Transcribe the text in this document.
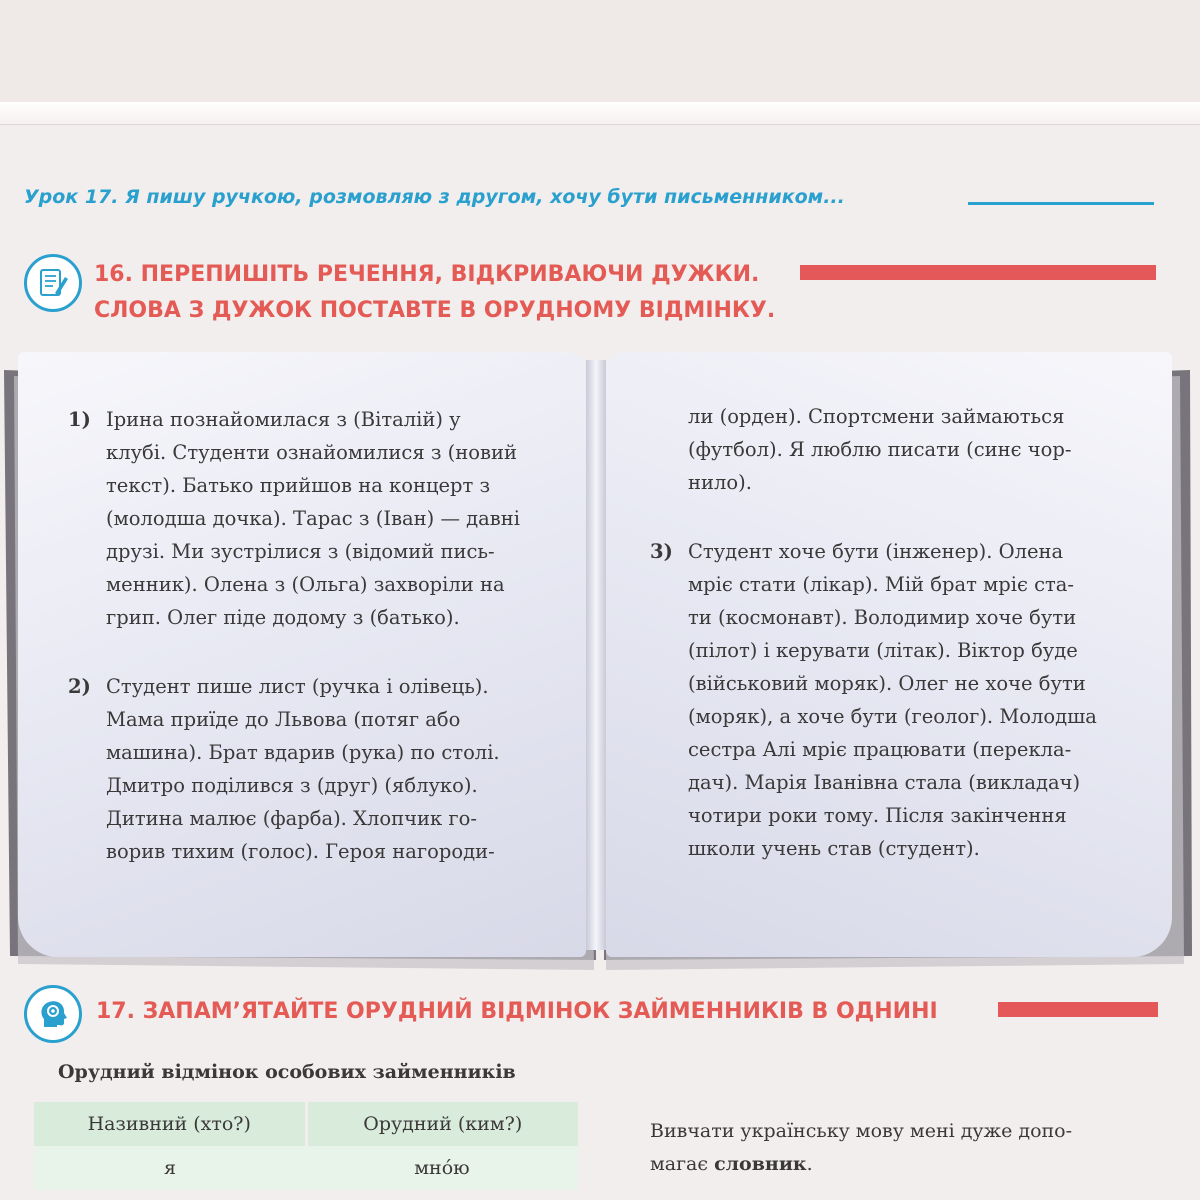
Урок 17. Я пишу ручкою, розмовляю з другом, хочу бути письменником...
16. ПЕРЕПИШІТЬ РЕЧЕННЯ, ВІДКРИВАЮЧИ ДУЖКИ.
СЛОВА З ДУЖОК ПОСТАВТЕ В ОРУДНОМУ ВІДМІНКУ.
1) Ірина познайомилася з (Віталій) у

клубі. Студенти ознайомилися з (новий

текст). Батько прийшов на концерт з

(молодша дочка). Тарас з (Іван) — давні

друзі. Ми зустрілися з (відомий пись-

менник). Олена з (Ольга) захворіли на

грип. Олег піде додому з (батько).

2) Студент пише лист (ручка і олівець).

Мама приїде до Львова (потяг або

машина). Брат вдарив (рука) по столі.

Дмитро поділився з (друг) (яблуко).

Дитина малює (фарба). Хлопчик го-

ворив тихим (голос). Героя нагороди-

ли (орден). Спортсмени займаються

(футбол). Я люблю писати (синє чор-

нило).

3) Студент хоче бути (інженер). Олена

мріє стати (лікар). Мій брат мріє ста-

ти (космонавт). Володимир хоче бути

(пілот) і керувати (літак). Віктор буде

(військовий моряк). Олег не хоче бути

(моряк), а хоче бути (геолог). Молодша

сестра Алі мріє працювати (перекла-

дач). Марія Іванівна стала (викладач)

чотири роки тому. Після закінчення

школи учень став (студент).

17. ЗАПАМ’ЯТАЙТЕ ОРУДНИЙ ВІДМІНОК ЗАЙМЕННИКІВ В ОДНИНІ
Орудний відмінок особових займенників
Називний (хто?)	Орудний (ким?)
я	мно́ю
Вивчати українську мову мені дуже допо-
магає словник.
